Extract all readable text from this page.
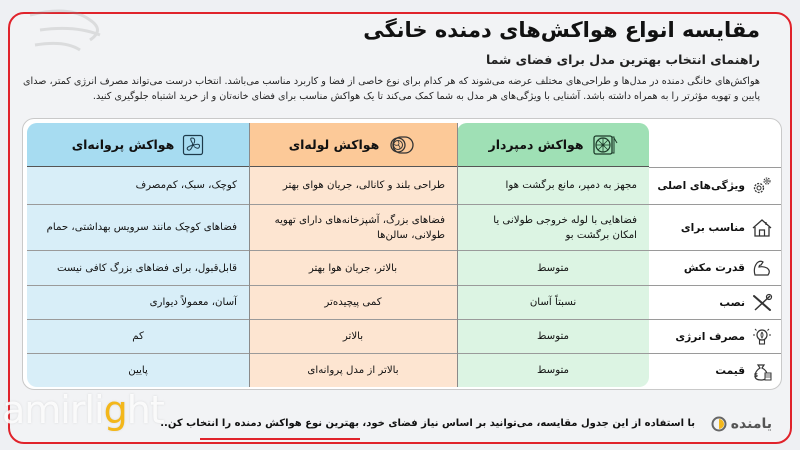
مقایسه انواع هواکش‌های دمنده خانگی
راهنمای انتخاب بهترین مدل برای فضای شما
هواکش‌های خانگی دمنده در مدل‌ها و طراحی‌های مختلف عرضه می‌شوند که هر کدام برای نوع خاصی از فضا و کاربرد مناسب می‌باشد. انتخاب درست می‌تواند مصرف انرژی کمتر، صدای پایین و تهویه مؤثرتر را به همراه داشته باشد. آشنایی با ویژگی‌های هر مدل به شما کمک می‌کند تا یک هواکش مناسب برای فضای خانه‌تان و از خرید اشتباه جلوگیری کنید.
هواکش دمپردار
مجهز به دمپر، مانع برگشت هوا
فضاهایی با لوله خروجی طولانی یا امکان برگشت بو
متوسط
نسبتاً آسان
متوسط
متوسط
هواکش لوله‌ای
طراحی بلند و کانالی، جریان هوای بهتر
فضاهای بزرگ، آشپزخانه‌های دارای تهویه طولانی، سالن‌ها
بالاتر، جریان هوا بهتر
کمی پیچیده‌تر
بالاتر
بالاتر از مدل پروانه‌ای
هواکش پروانه‌ای
کوچک، سبک، کم‌مصرف
فضاهای کوچک مانند سرویس بهداشتی، حمام
قابل‌قبول، برای فضاهای بزرگ کافی نیست
آسان، معمولاً دیواری
کم
پایین
ویژگی‌های اصلی
مناسب برای
قدرت مکش
نصب
مصرف انرژی
$
قیمت
با استفاده از این جدول مقایسه، می‌توانید بر اساس نیاز فضای خود، بهترین نوع هواکش دمنده را انتخاب کن..	یامنده
amirlight
